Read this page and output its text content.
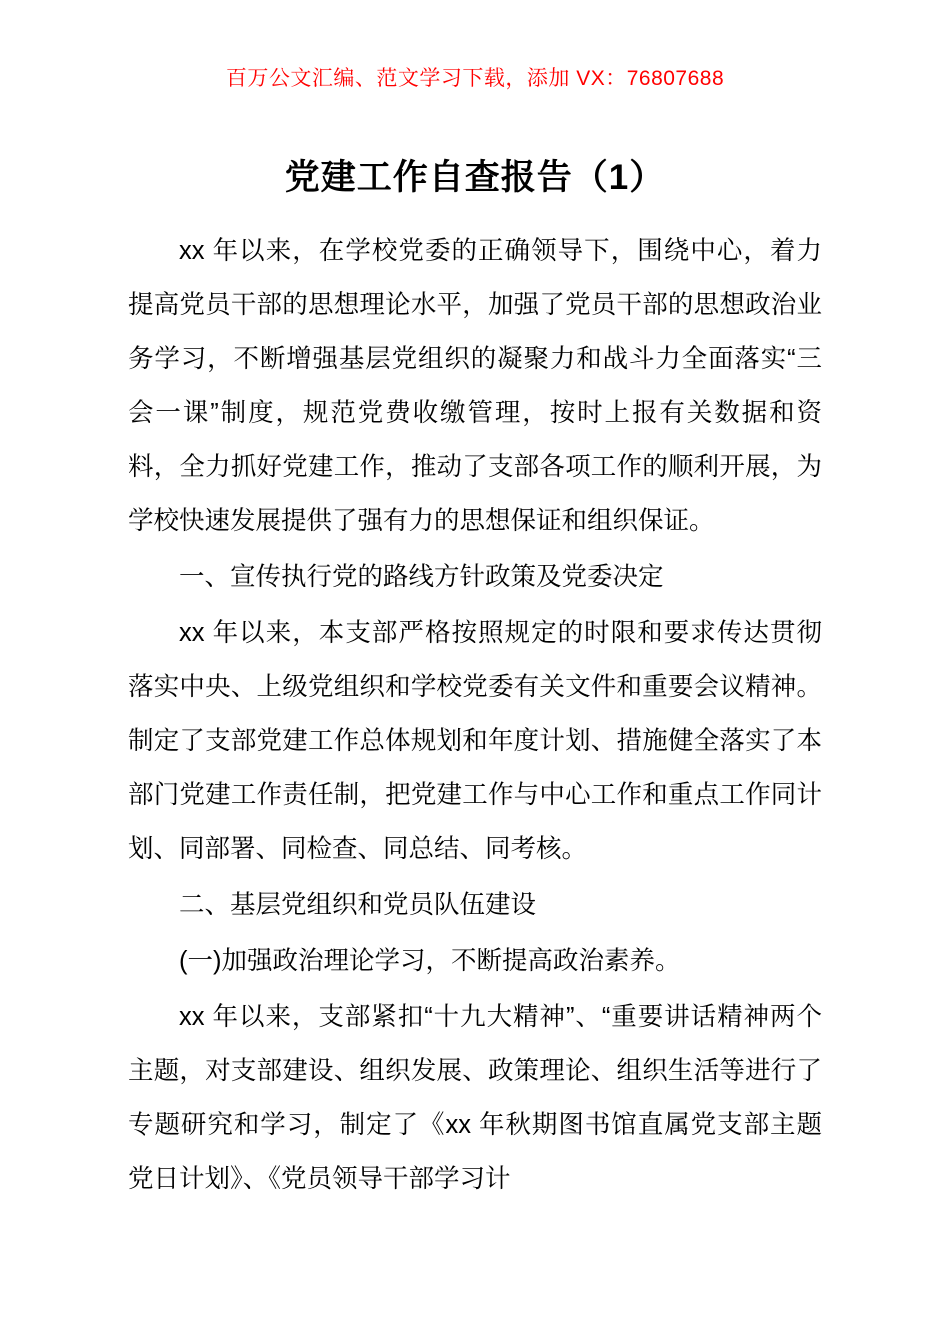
百万公文汇编、范文学习下载，添加 VX：76807688
党建工作自查报告（1）

xx 年以来，在学校党委的正确领导下，围绕中心，着力提高党员干部的思想理论水平，加强了党员干部的思想政治业务学习，不断增强基层党组织的凝聚力和战斗力全面落实“三会一课”制度，规范党费收缴管理，按时上报有关数据和资料，全力抓好党建工作，推动了支部各项工作的顺利开展，为学校快速发展提供了强有力的思想保证和组织保证。

一、宣传执行党的路线方针政策及党委决定

xx 年以来，本支部严格按照规定的时限和要求传达贯彻落实中央、上级党组织和学校党委有关文件和重要会议精神。制定了支部党建工作总体规划和年度计划、措施健全落实了本部门党建工作责任制，把党建工作与中心工作和重点工作同计划、同部署、同检查、同总结、同考核。

二、基层党组织和党员队伍建设

(一)加强政治理论学习，不断提高政治素养。

xx 年以来，支部紧扣“十九大精神”、“重要讲话精神两个主题，对支部建设、组织发展、政策理论、组织生活等进行了专题研究和学习，制定了《xx 年秋期图书馆直属党支部主题党日计划》、《党员领导干部学习计
